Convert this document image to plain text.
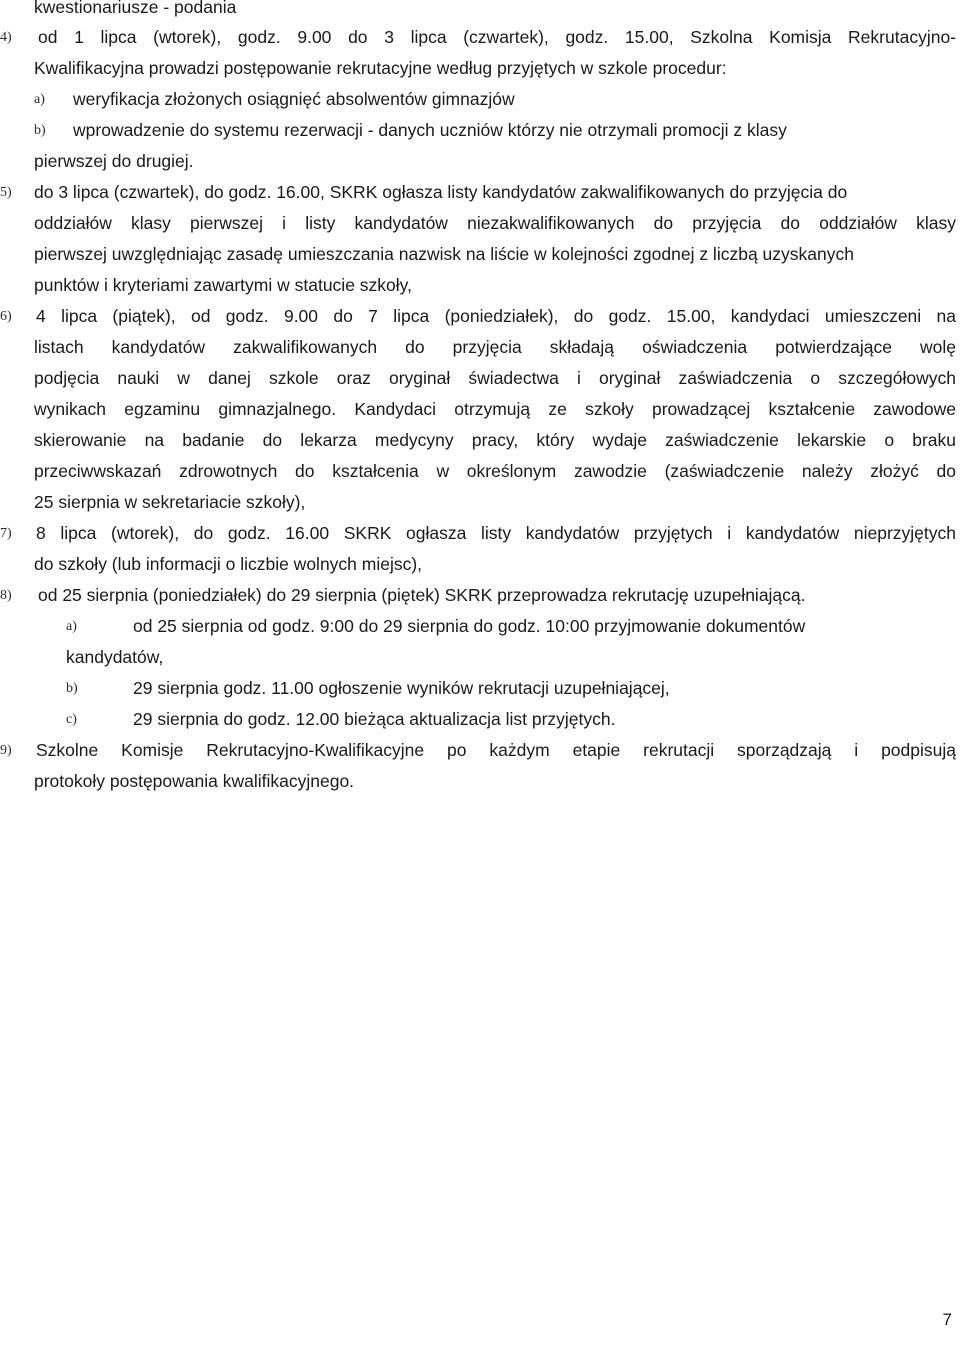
kwestionariusze - podania
4) od 1 lipca (wtorek), godz. 9.00 do 3 lipca (czwartek), godz. 15.00, Szkolna Komisja Rekrutacyjno-
Kwalifikacyjna prowadzi postępowanie rekrutacyjne według przyjętych w szkole procedur:
a) weryfikacja złożonych osiągnięć absolwentów gimnazjów
b) wprowadzenie do systemu rezerwacji - danych uczniów którzy nie otrzymali promocji z klasy
pierwszej do drugiej.
5) do 3 lipca (czwartek), do godz. 16.00, SKRK ogłasza listy kandydatów zakwalifikowanych do przyjęcia do
oddziałów klasy pierwszej i listy kandydatów niezakwalifikowanych do przyjęcia do oddziałów klasy
pierwszej uwzględniając zasadę umieszczania nazwisk na liście w kolejności zgodnej z liczbą uzyskanych
punktów i kryteriami zawartymi w statucie szkoły,
6) 4 lipca (piątek), od godz. 9.00 do 7 lipca (poniedziałek), do godz. 15.00, kandydaci umieszczeni na
listach kandydatów zakwalifikowanych do przyjęcia składają oświadczenia potwierdzające wolę
podjęcia nauki w danej szkole oraz oryginał świadectwa i oryginał zaświadczenia o szczegółowych
wynikach egzaminu gimnazjalnego. Kandydaci otrzymują ze szkoły prowadzącej kształcenie zawodowe
skierowanie na badanie do lekarza medycyny pracy, który wydaje zaświadczenie lekarskie o braku
przeciwwskazań zdrowotnych do kształcenia w określonym zawodzie (zaświadczenie należy złożyć do
25 sierpnia w sekretariacie szkoły),
7) 8 lipca (wtorek), do godz. 16.00 SKRK ogłasza listy kandydatów przyjętych i kandydatów nieprzyjętych
do szkoły (lub informacji o liczbie wolnych miejsc),
8) od 25 sierpnia (poniedziałek) do 29 sierpnia (piętek) SKRK przeprowadza rekrutację uzupełniającą.
a)	od 25 sierpnia od godz. 9:00 do 29 sierpnia do godz. 10:00 przyjmowanie dokumentów
kandydatów,
b)	29 sierpnia godz. 11.00 ogłoszenie wyników rekrutacji uzupełniającej,
c)	29 sierpnia do godz. 12.00 bieżąca aktualizacja list przyjętych.
9) Szkolne Komisje Rekrutacyjno-Kwalifikacyjne po każdym etapie rekrutacji sporządzają i podpisują
protokoły postępowania kwalifikacyjnego.
7
